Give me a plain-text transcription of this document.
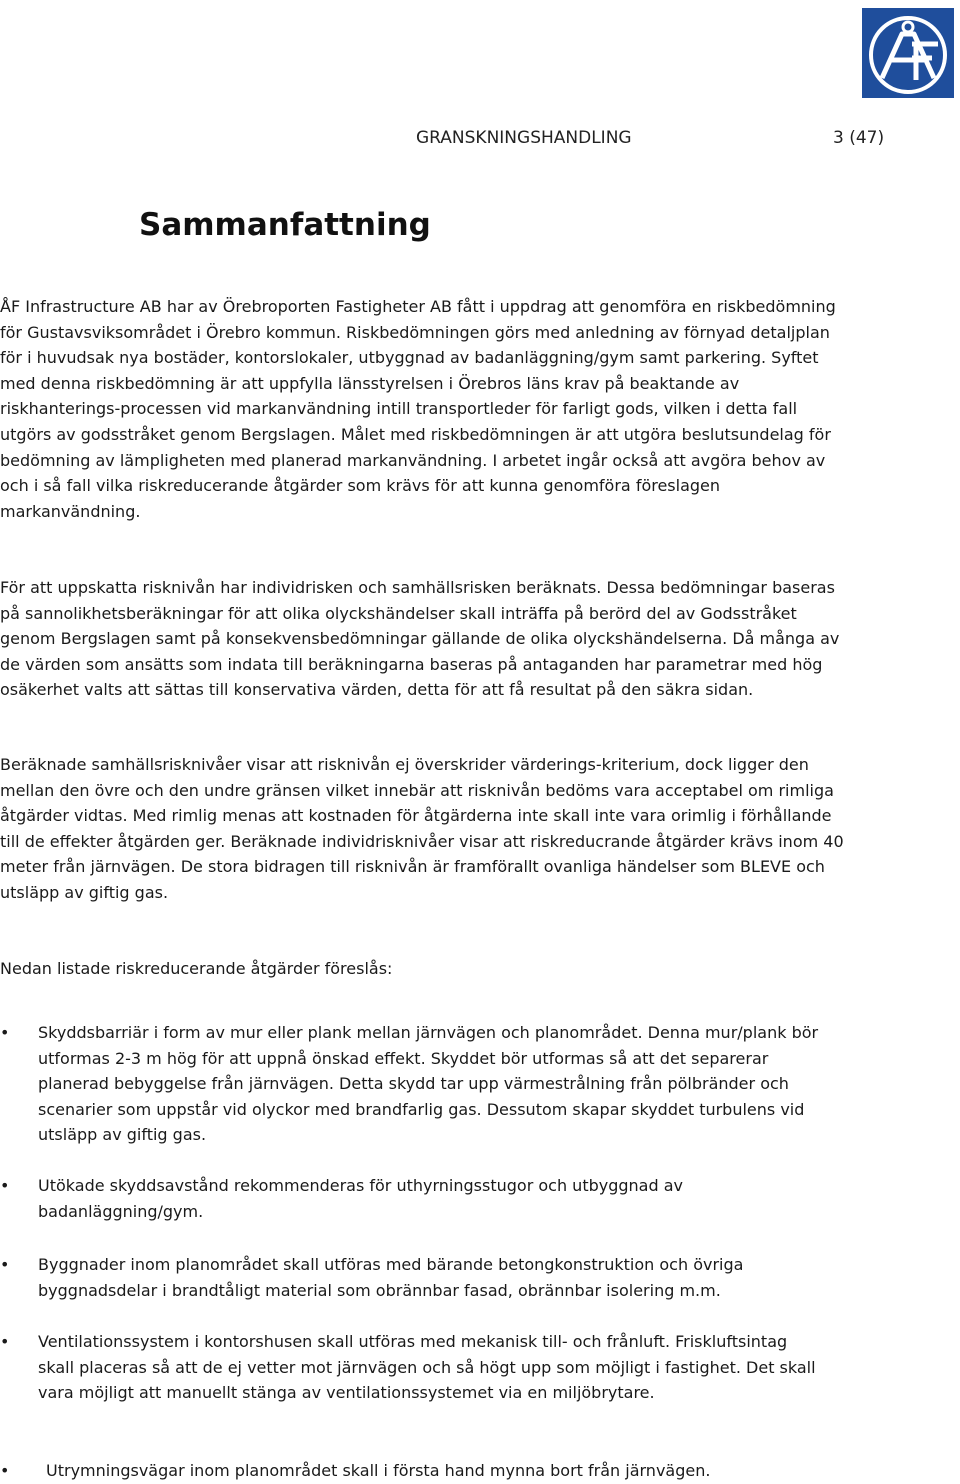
GRANSKNINGSHANDLING	3 (47)
Sammanfattning

ÅF Infrastructure AB har av Örebroporten Fastigheter AB fått i uppdrag att genomföra en riskbedömning för Gustavsviksområdet i Örebro kommun. Riskbedömningen görs med anledning av förnyad detaljplan för i huvudsak nya bostäder, kontorslokaler, utbyggnad av badanläggning/gym samt parkering. Syftet med denna riskbedömning är att uppfylla länsstyrelsen i Örebros läns krav på beaktande av riskhanterings-processen vid markanvändning intill transportleder för farligt gods, vilken i detta fall utgörs av godsstråket genom Bergslagen. Målet med riskbedömningen är att utgöra beslutsundelag för bedömning av lämpligheten med planerad markanvändning. I arbetet ingår också att avgöra behov av och i så fall vilka riskreducerande åtgärder som krävs för att kunna genomföra föreslagen markanvändning.

För att uppskatta risknivån har individrisken och samhällsrisken beräknats. Dessa bedömningar baseras på sannolikhetsberäkningar för att olika olyckshändelser skall inträffa på berörd del av Godsstråket genom Bergslagen samt på konsekvensbedömningar gällande de olika olyckshändelserna. Då många av de värden som ansätts som indata till beräkningarna baseras på antaganden har parametrar med hög osäkerhet valts att sättas till konservativa värden, detta för att få resultat på den säkra sidan.

Beräknade samhällsrisknivåer visar att risknivån ej överskrider värderings-kriterium, dock ligger den mellan den övre och den undre gränsen vilket innebär att risknivån bedöms vara acceptabel om rimliga åtgärder vidtas. Med rimlig menas att kostnaden för åtgärderna inte skall inte vara orimlig i förhållande till de effekter åtgärden ger. Beräknade individrisknivåer visar att riskreducrande åtgärder krävs inom 40 meter från järnvägen. De stora bidragen till risknivån är framförallt ovanliga händelser som BLEVE och utsläpp av giftig gas.

Nedan listade riskreducerande åtgärder föreslås:

•	Skyddsbarriär i form av mur eller plank mellan järnvägen och planområdet. Denna mur/plank bör utformas 2-3 m hög för att uppnå önskad effekt. Skyddet bör utformas så att det separerar planerad bebyggelse från järnvägen. Detta skydd tar upp värmestrålning från pölbränder och scenarier som uppstår vid olyckor med brandfarlig gas. Dessutom skapar skyddet turbulens vid utsläpp av giftig gas.
•	Utökade skyddsavstånd rekommenderas för uthyrningsstugor och utbyggnad av badanläggning/gym.
•	Byggnader inom planområdet skall utföras med bärande betongkonstruktion och övriga byggnadsdelar i brandtåligt material som obrännbar fasad, obrännbar isolering m.m.
•	Ventilationssystem i kontorshusen skall utföras med mekanisk till- och frånluft. Friskluftsintag skall placeras så att de ej vetter mot järnvägen och så högt upp som möjligt i fastighet. Det skall vara möjligt att manuellt stänga av ventilationssystemet via en miljöbrytare.
•	Utrymningsvägar inom planområdet skall i första hand mynna bort från järnvägen.
